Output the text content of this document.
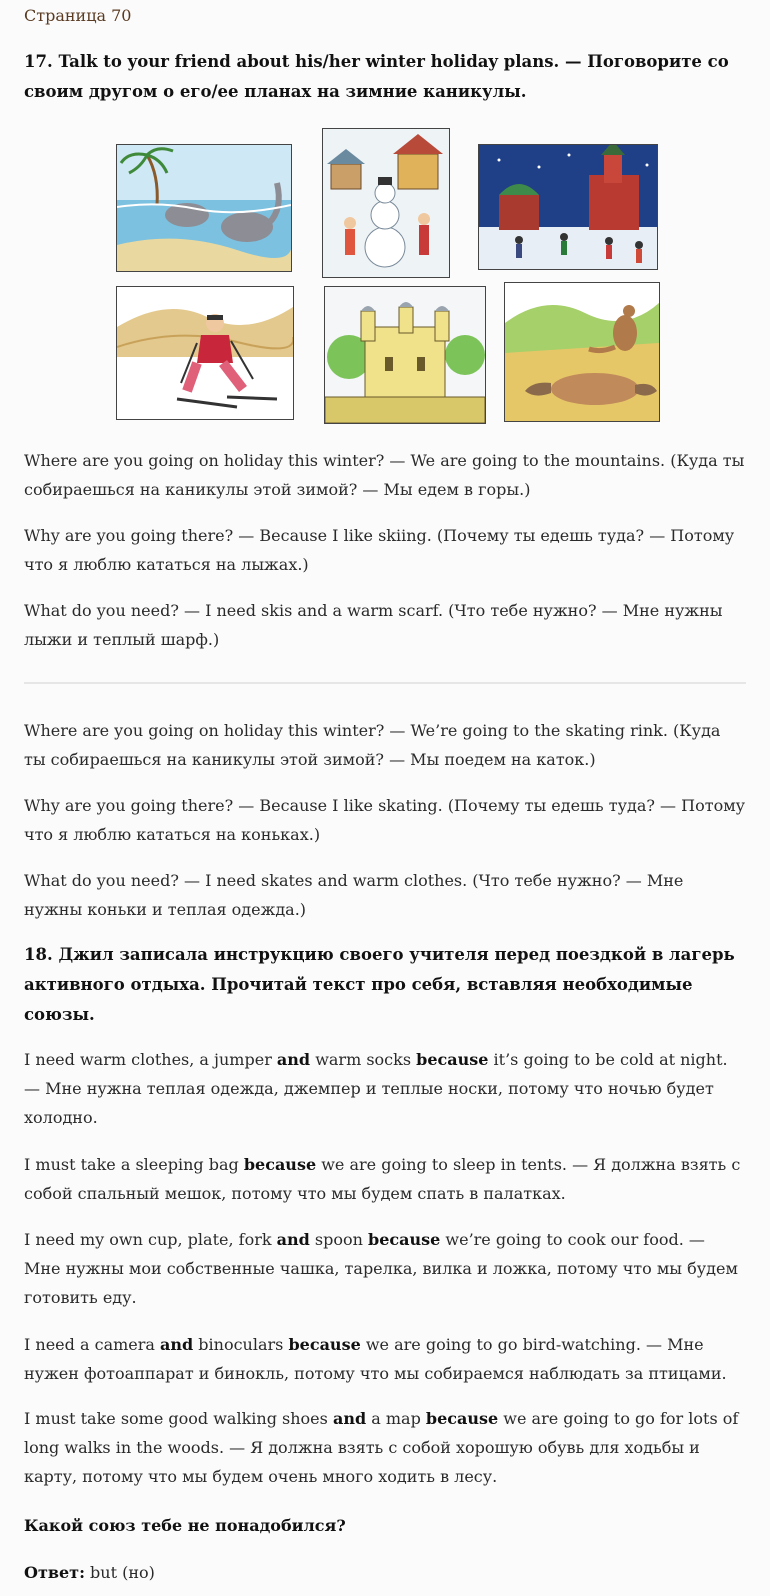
Страница 70
17. Talk to your friend about his/her winter holiday plans. — Поговорите со своим другом о его/ее планах на зимние каникулы.
Where are you going on holiday this winter? — We are going to the mountains. (Куда ты собираешься на каникулы этой зимой? — Мы едем в горы.)
Why are you going there? — Because I like skiing. (Почему ты едешь туда? — Потому что я люблю кататься на лыжах.)
What do you need? — I need skis and a warm scarf. (Что тебе нужно? — Мне нужны лыжи и теплый шарф.)
Where are you going on holiday this winter? — We’re going to the skating rink. (Куда ты собираешься на каникулы этой зимой? — Мы поедем на каток.)
Why are you going there? — Because I like skating. (Почему ты едешь туда? — Потому что я люблю кататься на коньках.)
What do you need? — I need skates and warm clothes. (Что тебе нужно? — Мне нужны коньки и теплая одежда.)
18. Джил записала инструкцию своего учителя перед поездкой в лагерь активного отдыха. Прочитай текст про себя, вставляя необходимые союзы.
I need warm clothes, a jumper and warm socks because it’s going to be cold at night. — Мне нужна теплая одежда, джемпер и теплые носки, потому что ночью будет холодно.
I must take a sleeping bag because we are going to sleep in tents. — Я должна взять с собой спальный мешок, потому что мы будем спать в палатках.
I need my own cup, plate, fork and spoon because we’re going to cook our food. — Мне нужны мои собственные чашка, тарелка, вилка и ложка, потому что мы будем готовить еду.
I need a camera and binoculars because we are going to go bird-watching. — Мне нужен фотоаппарат и бинокль, потому что мы собираемся наблюдать за птицами.
I must take some good walking shoes and a map because we are going to go for lots of long walks in the woods. — Я должна взять с собой хорошую обувь для ходьбы и карту, потому что мы будем очень много ходить в лесу.
Какой союз тебе не понадобился?
Ответ: but (но)
